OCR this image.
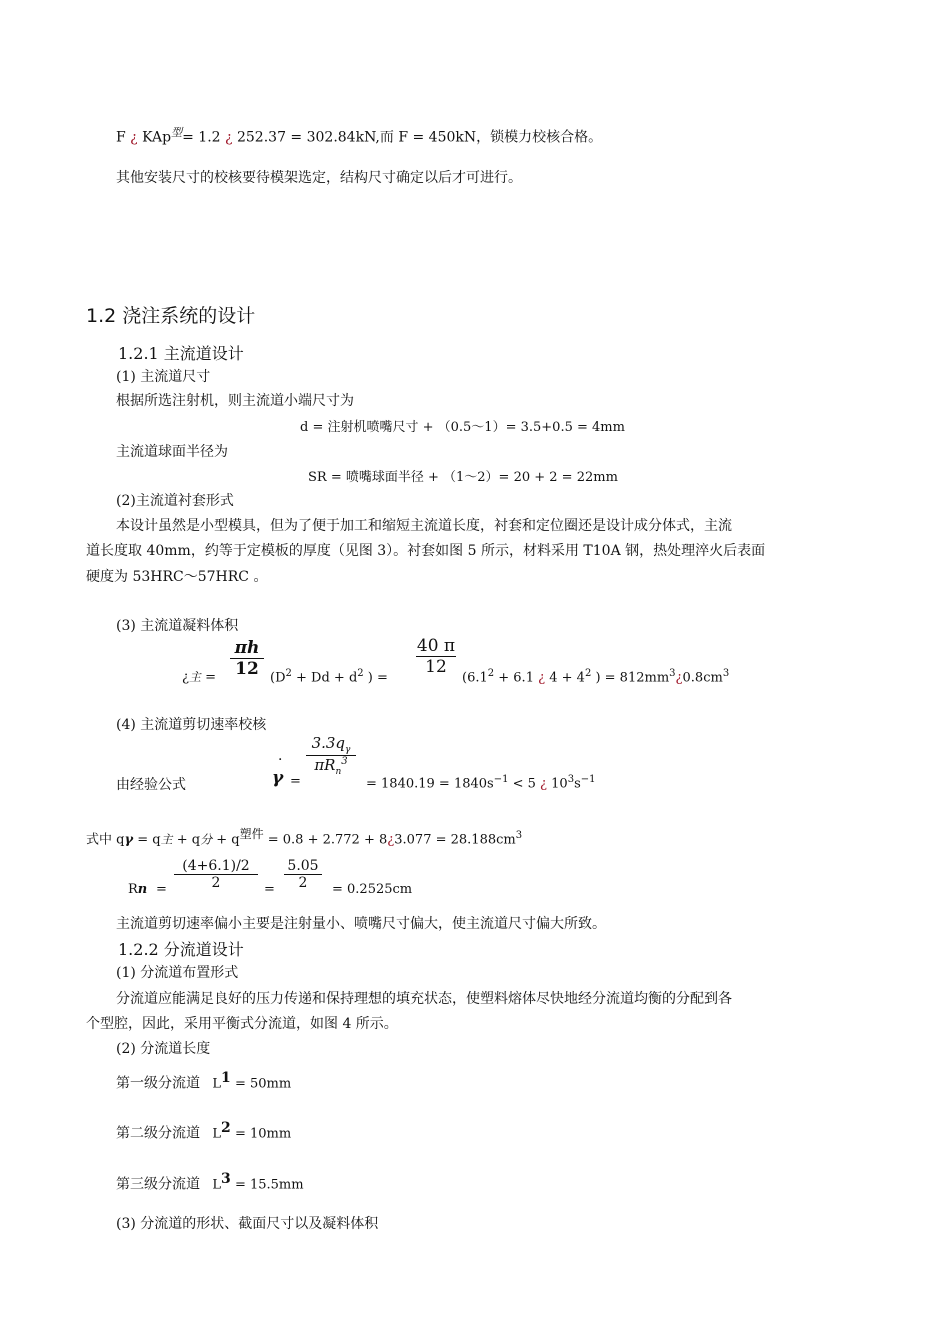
F ¿ KAp$^型$= 1.2 ¿ 252.37 = 302.84kN,而 F = 450kN，锁模力校核合格。
其他安装尺寸的校核要待模架选定，结构尺寸确定以后才可进行。
1.2 浇注系统的设计
1.2.1 主流道设计
(1) 主流道尺寸
根据所选注射机，则主流道小端尺寸为
d = 注射机喷嘴尺寸 + （0.5～1）= 3.5+0.5 = 4mm
主流道球面半径为
SR = 喷嘴球面半径 + （1～2）= 20 + 2 = 22mm
(2)主流道衬套形式
本设计虽然是小型模具，但为了便于加工和缩短主流道长度，衬套和定位圈还是设计成分体式，主流
道长度取 40mm，约等于定模板的厚度（见图 3）。衬套如图 5 所示，材料采用 T10A 钢，热处理淬火后表面
硬度为 53HRC～57HRC 。
(3) 主流道凝料体积
¿主 = $\frac{\pi h}{12} (D^2 + Dd + d^2$ ) =
$\frac{40 \pi}{12}$
($6.1^2 + 6.1$ ¿ $4 + 4^2$ ) = $812mm^3¿0.8cm^3$
(4) 主流道剪切速率校核
由经验公式
·
γ =
$3.3q_\gamma$
$\pi R_n^3$
= $1840.19 = 1840s^{-1} < 5$ ¿ $10^3s^{-1}$
式中 qγ = q主 + q分 + q塑件 = 0.8 + 2.772 + 8¿3.077 = $28.188cm^3$
$Rn = \frac{(4+6.1)/2}{2} = \frac{5.05}{2} = 0.2525cm$
主流道剪切速率偏小主要是注射量小、喷嘴尺寸偏大，使主流道尺寸偏大所致。
1.2.2 分流道设计
(1) 分流道布置形式
分流道应能满足良好的压力传递和保持理想的填充状态，使塑料熔体尽快地经分流道均衡的分配到各
个型腔，因此，采用平衡式分流道，如图 4 所示。
(2) 分流道长度
第一级分流道 L1 = 50mm
第二级分流道 L2 = 10mm
第三级分流道 L3 = 15.5mm
(3) 分流道的形状、截面尺寸以及凝料体积
